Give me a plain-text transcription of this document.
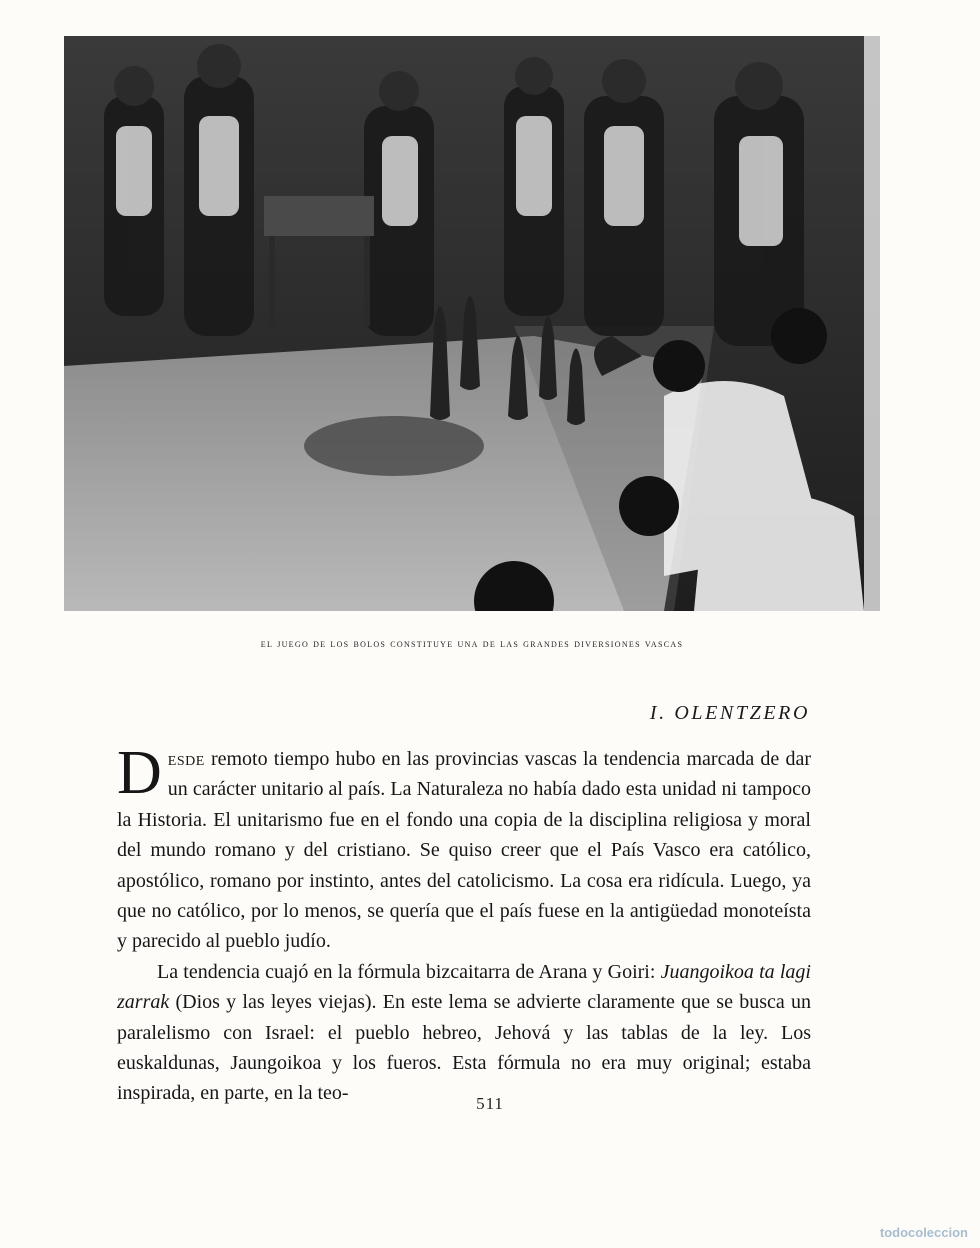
el juego de los bolos constituye una de las grandes diversiones vascas
I. OLENTZERO

Desde remoto tiempo hubo en las provincias vascas la tendencia marcada de dar un carácter unitario al país. La Naturaleza no había dado esta unidad ni tampoco la Historia. El unitarismo fue en el fondo una copia de la disciplina religiosa y moral del mundo romano y del cristiano. Se quiso creer que el País Vasco era católico, apostólico, romano por instinto, antes del catolicismo. La cosa era ridícula. Luego, ya que no católico, por lo menos, se quería que el país fuese en la antigüedad monoteísta y parecido al pueblo judío.

La tendencia cuajó en la fórmula bizcaitarra de Arana y Goiri: Juangoikoa ta lagi zarrak (Dios y las leyes viejas). En este lema se advierte claramente que se busca un paralelismo con Israel: el pueblo hebreo, Jehová y las tablas de la ley. Los euskaldunas, Jaungoikoa y los fueros. Esta fórmula no era muy original; estaba inspirada, en parte, en la teo-	511
todocoleccion
